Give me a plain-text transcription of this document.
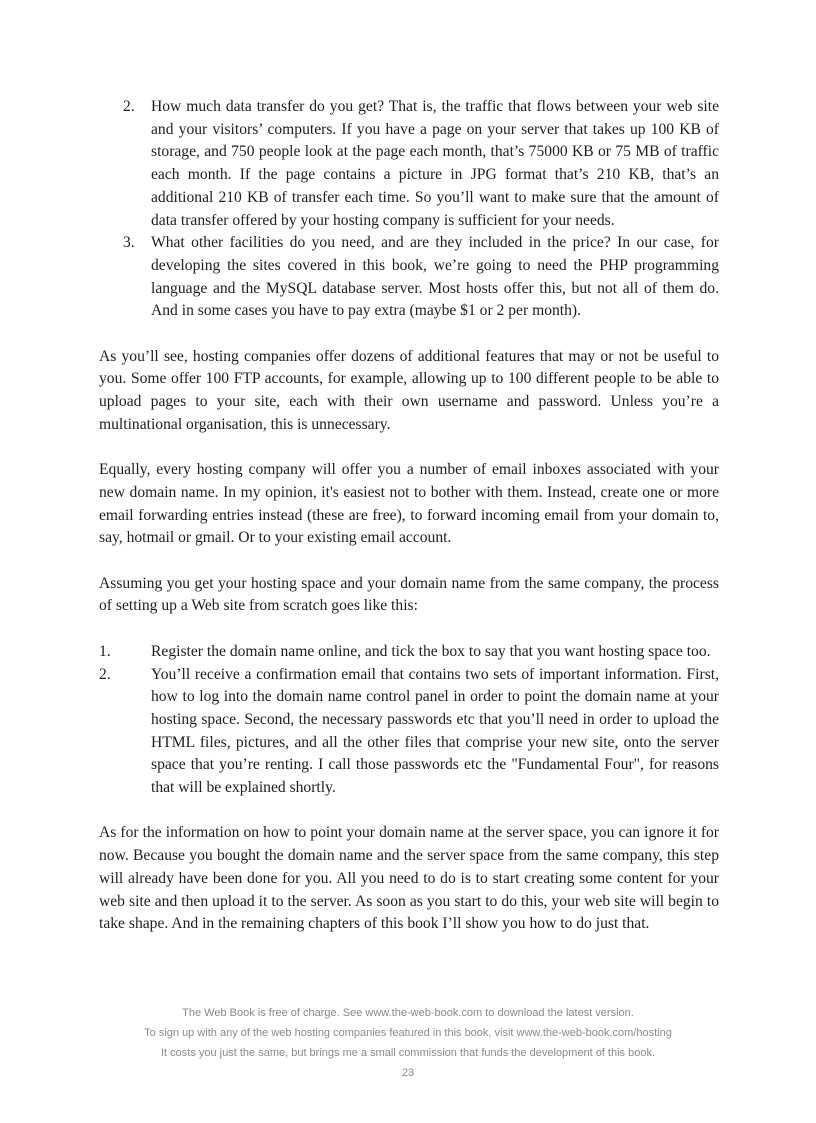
2. How much data transfer do you get? That is, the traffic that flows between your web site and your visitors’ computers. If you have a page on your server that takes up 100 KB of storage, and 750 people look at the page each month, that’s 75000 KB or 75 MB of traffic each month. If the page contains a picture in JPG format that’s 210 KB, that’s an additional 210 KB of transfer each time. So you’ll want to make sure that the amount of data transfer offered by your hosting company is sufficient for your needs.
3. What other facilities do you need, and are they included in the price? In our case, for developing the sites covered in this book, we’re going to need the PHP programming language and the MySQL database server. Most hosts offer this, but not all of them do. And in some cases you have to pay extra (maybe $1 or 2 per month).

As you’ll see, hosting companies offer dozens of additional features that may or not be useful to you. Some offer 100 FTP accounts, for example, allowing up to 100 different people to be able to upload pages to your site, each with their own username and password. Unless you’re a multinational organisation, this is unnecessary.

Equally, every hosting company will offer you a number of email inboxes associated with your new domain name. In my opinion, it's easiest not to bother with them. Instead, create one or more email forwarding entries instead (these are free), to forward incoming email from your domain to, say, hotmail or gmail. Or to your existing email account.

Assuming you get your hosting space and your domain name from the same company, the process of setting up a Web site from scratch goes like this:

1.	Register the domain name online, and tick the box to say that you want hosting space too.
2.	You’ll receive a confirmation email that contains two sets of important information. First, how to log into the domain name control panel in order to point the domain name at your hosting space. Second, the necessary passwords etc that you’ll need in order to upload the HTML files, pictures, and all the other files that comprise your new site, onto the server space that you’re renting. I call those passwords etc the "Fundamental Four", for reasons that will be explained shortly.

As for the information on how to point your domain name at the server space, you can ignore it for now. Because you bought the domain name and the server space from the same company, this step will already have been done for you. All you need to do is to start creating some content for your web site and then upload it to the server. As soon as you start to do this, your web site will begin to take shape. And in the remaining chapters of this book I’ll show you how to do just that.

The Web Book is free of charge. See www.the-web-book.com to download the latest version.
To sign up with any of the web hosting companies featured in this book, visit www.the-web-book.com/hosting
It costs you just the same, but brings me a small commission that funds the development of this book.
23
